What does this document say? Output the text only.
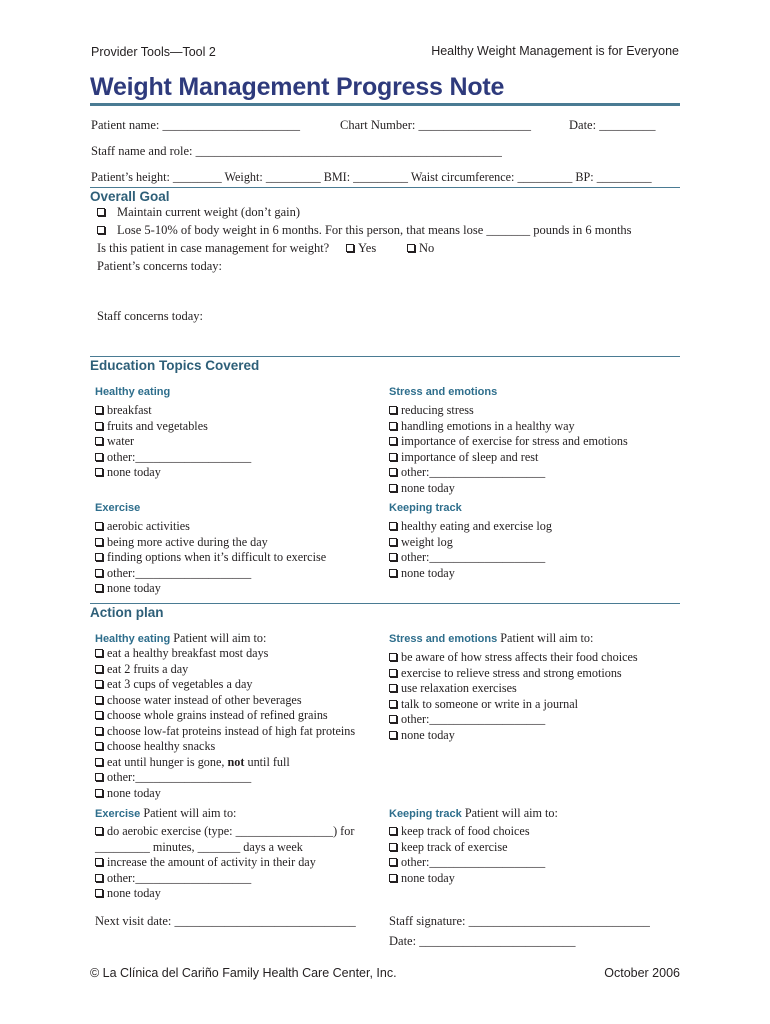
Provider Tools—Tool 2	Healthy Weight Management is for Everyone
Weight Management Progress Note
Patient name: ______________________	Chart Number: __________________	Date: _________
Staff name and role: _________________________________________________
Patient’s height: ________ Weight: _________ BMI: _________ Waist circumference: _________ BP: _________
Overall Goal
Maintain current weight (don’t gain)
Lose 5-10% of body weight in 6 months. For this person, that means lose _______ pounds in 6 months
Is this patient in case management for weight?	Yes	No
Patient’s concerns today:
Staff concerns today:
Education Topics Covered
Healthy eating
breakfast
fruits and vegetables
water
other:___________________
none today
Stress and emotions
reducing stress
handling emotions in a healthy way
importance of exercise for stress and emotions
importance of sleep and rest
other:___________________
none today
Exercise
aerobic activities
being more active during the day
finding options when it’s difficult to exercise
other:___________________
none today
Keeping track
healthy eating and exercise log
weight log
other:___________________
none today
Action plan
Healthy eating Patient will aim to:
eat a healthy breakfast most days
eat 2 fruits a day
eat 3 cups of vegetables a day
choose water instead of other beverages
choose whole grains instead of refined grains
choose low-fat proteins instead of high fat proteins
choose healthy snacks
eat until hunger is gone, not until full
other:___________________
none today
Stress and emotions Patient will aim to:
be aware of how stress affects their food choices
exercise to relieve stress and strong emotions
use relaxation exercises
talk to someone or write in a journal
other:___________________
none today
Exercise Patient will aim to:
do aerobic exercise (type: ________________) for
_________ minutes, _______ days a week
increase the amount of activity in their day
other:___________________
none today
Keeping track Patient will aim to:
keep track of food choices
keep track of exercise
other:___________________
none today
Next visit date: _____________________________	Staff signature: _____________________________
Date: _________________________
© La Clínica del Cariño Family Health Care Center, Inc.	October 2006
